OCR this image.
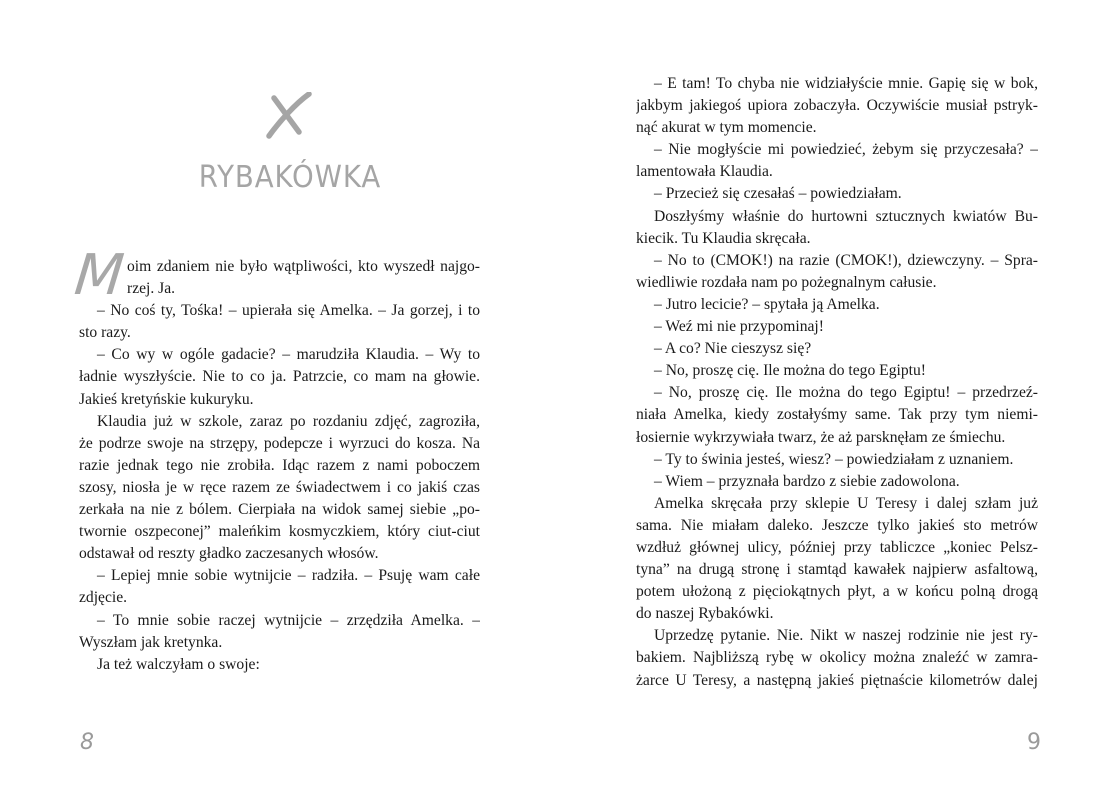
RYBAKÓWKA
M oim zdaniem nie było wątpliwości, kto wyszedł najgo-
rzej. Ja.
– No coś ty, Tośka! – upierała się Amelka. – Ja gorzej, i to
sto razy.
– Co wy w ogóle gadacie? – marudziła Klaudia. – Wy to
ładnie wyszłyście. Nie to co ja. Patrzcie, co mam na głowie.
Jakieś kretyńskie kukuryku.
Klaudia już w szkole, zaraz po rozdaniu zdjęć, zagroziła,
że podrze swoje na strzępy, podepcze i wyrzuci do kosza. Na
razie jednak tego nie zrobiła. Idąc razem z nami poboczem
szosy, niosła je w ręce razem ze świadectwem i co jakiś czas
zerkała na nie z bólem. Cierpiała na widok samej siebie „po-
twornie oszpeconej” maleńkim kosmyczkiem, który ciut-ciut
odstawał od reszty gładko zaczesanych włosów.
– Lepiej mnie sobie wytnijcie – radziła. – Psuję wam całe
zdjęcie.
– To mnie sobie raczej wytnijcie – zrzędziła Amelka. –
Wyszłam jak kretynka.
Ja też walczyłam o swoje:
8
– E tam! To chyba nie widziałyście mnie. Gapię się w bok,
jakbym jakiegoś upiora zobaczyła. Oczywiście musiał pstryk-
nąć akurat w tym momencie.
– Nie mogłyście mi powiedzieć, żebym się przyczesała? –
lamentowała Klaudia.
– Przecież się czesałaś – powiedziałam.
Doszłyśmy właśnie do hurtowni sztucznych kwiatów Bu-
kiecik. Tu Klaudia skręcała.
– No to (CMOK!) na razie (CMOK!), dziewczyny. – Spra-
wiedliwie rozdała nam po pożegnalnym całusie.
– Jutro lecicie? – spytała ją Amelka.
– Weź mi nie przypominaj!
– A co? Nie cieszysz się?
– No, proszę cię. Ile można do tego Egiptu!
– No, proszę cię. Ile można do tego Egiptu! – przedrzeź-
niała Amelka, kiedy zostałyśmy same. Tak przy tym niemi-
łosiernie wykrzywiała twarz, że aż parsknęłam ze śmiechu.
– Ty to świnia jesteś, wiesz? – powiedziałam z uznaniem.
– Wiem – przyznała bardzo z siebie zadowolona.
Amelka skręcała przy sklepie U Teresy i dalej szłam już
sama. Nie miałam daleko. Jeszcze tylko jakieś sto metrów
wzdłuż głównej ulicy, później przy tabliczce „koniec Pelsz-
tyna” na drugą stronę i stamtąd kawałek najpierw asfaltową,
potem ułożoną z pięciokątnych płyt, a w końcu polną drogą
do naszej Rybakówki.
Uprzedzę pytanie. Nie. Nikt w naszej rodzinie nie jest ry-
bakiem. Najbliższą rybę w okolicy można znaleźć w zamra-
żarce U Teresy, a następną jakieś piętnaście kilometrów dalej
9
